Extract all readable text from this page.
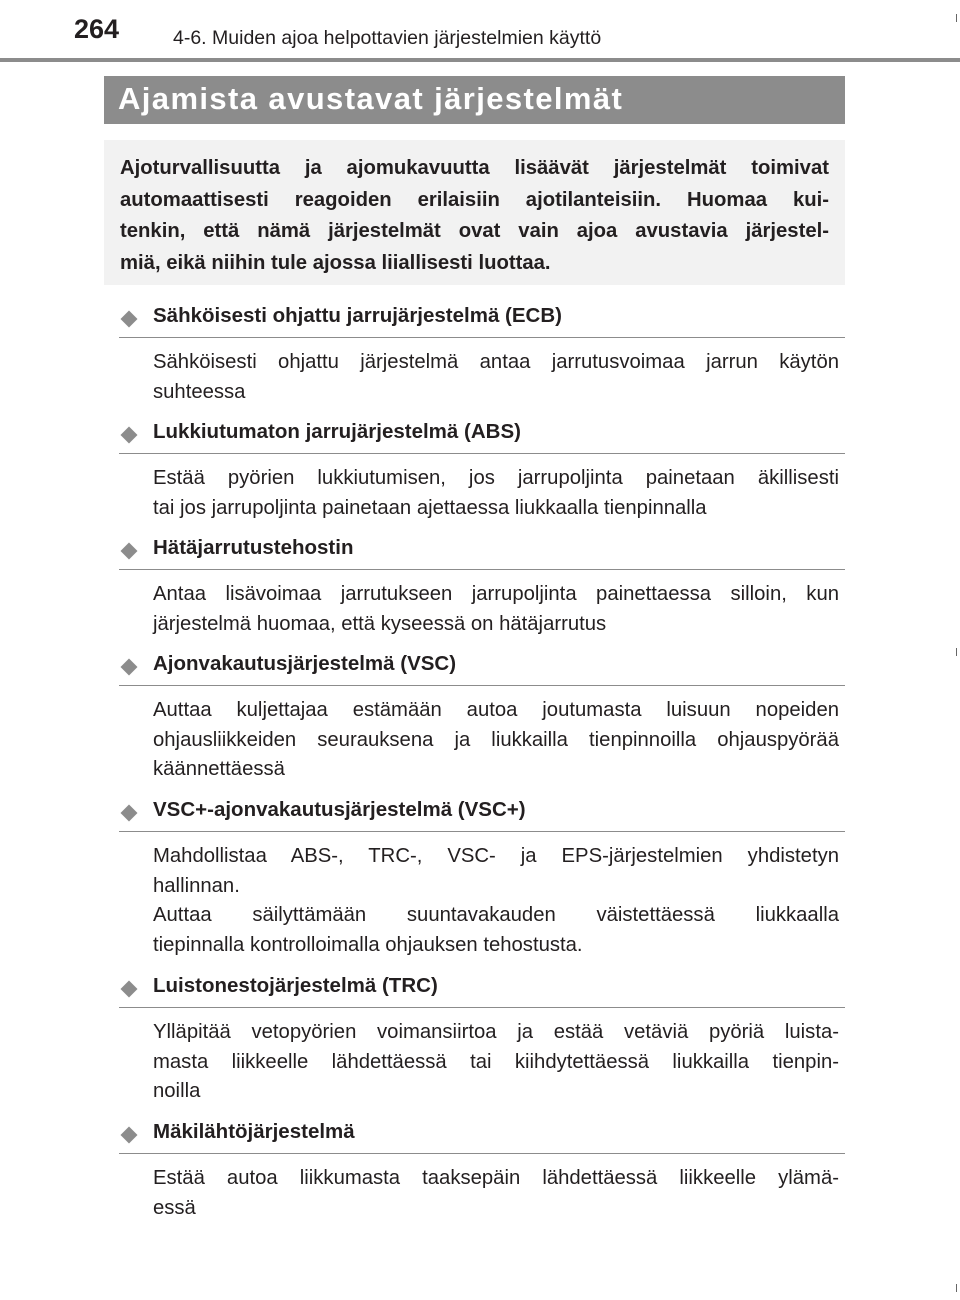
264	4-6. Muiden ajoa helpottavien järjestelmien käyttö
Ajamista avustavat järjestelmät
Ajoturvallisuutta ja ajomukavuutta lisäävät järjestelmät toimivat
automaattisesti reagoiden erilaisiin ajotilanteisiin. Huomaa kui-
tenkin, että nämä järjestelmät ovat vain ajoa avustavia järjestel-
miä, eikä niihin tule ajossa liiallisesti luottaa.
Sähköisesti ohjattu jarrujärjestelmä (ECB)
Sähköisesti ohjattu järjestelmä antaa jarrutusvoimaa jarrun käytön
suhteessa
Lukkiutumaton jarrujärjestelmä (ABS)
Estää pyörien lukkiutumisen, jos jarrupoljinta painetaan äkillisesti
tai jos jarrupoljinta painetaan ajettaessa liukkaalla tienpinnalla
Hätäjarrutustehostin
Antaa lisävoimaa jarrutukseen jarrupoljinta painettaessa silloin, kun
järjestelmä huomaa, että kyseessä on hätäjarrutus
Ajonvakautusjärjestelmä (VSC)
Auttaa kuljettajaa estämään autoa joutumasta luisuun nopeiden
ohjausliikkeiden seurauksena ja liukkailla tienpinnoilla ohjauspyörää
käännettäessä
VSC+-ajonvakautusjärjestelmä (VSC+)
Mahdollistaa ABS-, TRC-, VSC- ja EPS-järjestelmien yhdistetyn
hallinnan.
Auttaa säilyttämään suuntavakauden väistettäessä liukkaalla
tiepinnalla kontrolloimalla ohjauksen tehostusta.
Luistonestojärjestelmä (TRC)
Ylläpitää vetopyörien voimansiirtoa ja estää vetäviä pyöriä luista-
masta liikkeelle lähdettäessä tai kiihdytettäessä liukkailla tienpin-
noilla
Mäkilähtöjärjestelmä
Estää autoa liikkumasta taaksepäin lähdettäessä liikkeelle ylämä-
essä
